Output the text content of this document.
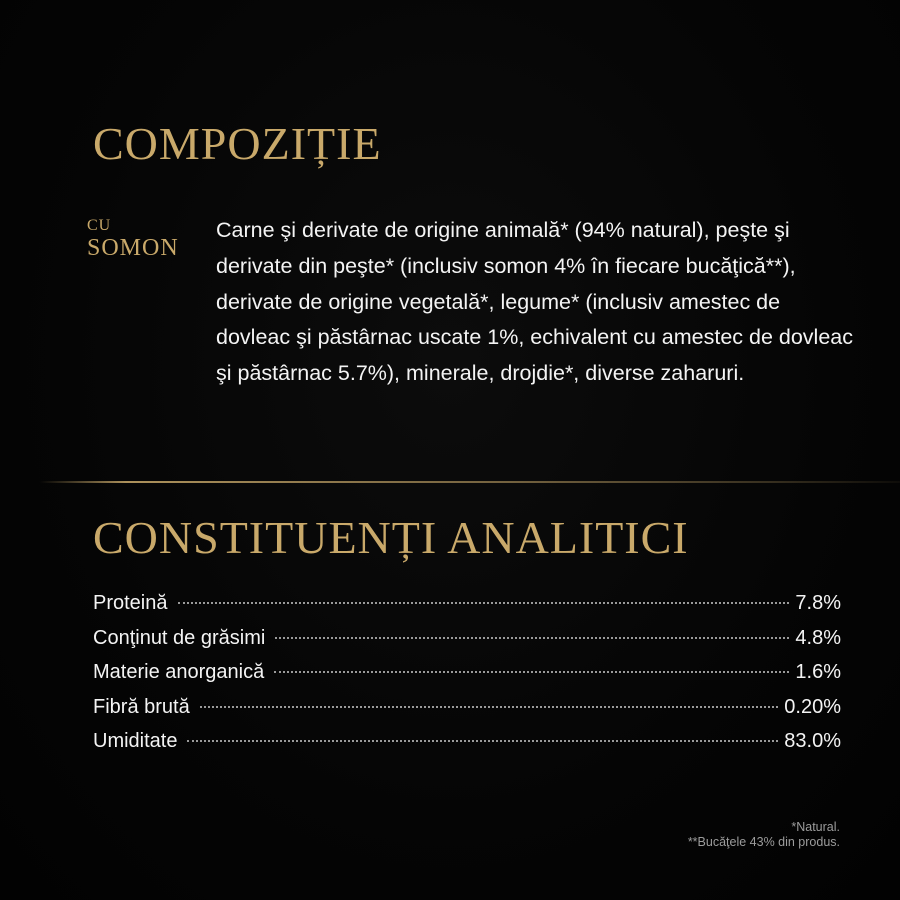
COMPOZIȚIE
CU
SOMON

Carne şi derivate de origine animală* (94% natural), peşte şi derivate din peşte* (inclusiv somon 4% în fiecare bucăţică**), derivate de origine vegetală*, legume* (inclusiv amestec de dovleac şi păstârnac uscate 1%, echivalent cu amestec de dovleac şi păstârnac 5.7%), minerale, drojdie*, diverse zaharuri.

CONSTITUENȚI ANALITICI
Proteină	7.8%
Conţinut de grăsimi	4.8%
Materie anorganică	1.6%
Fibră brută	0.20%
Umiditate	83.0%
*Natural.
**Bucăţele 43% din produs.
